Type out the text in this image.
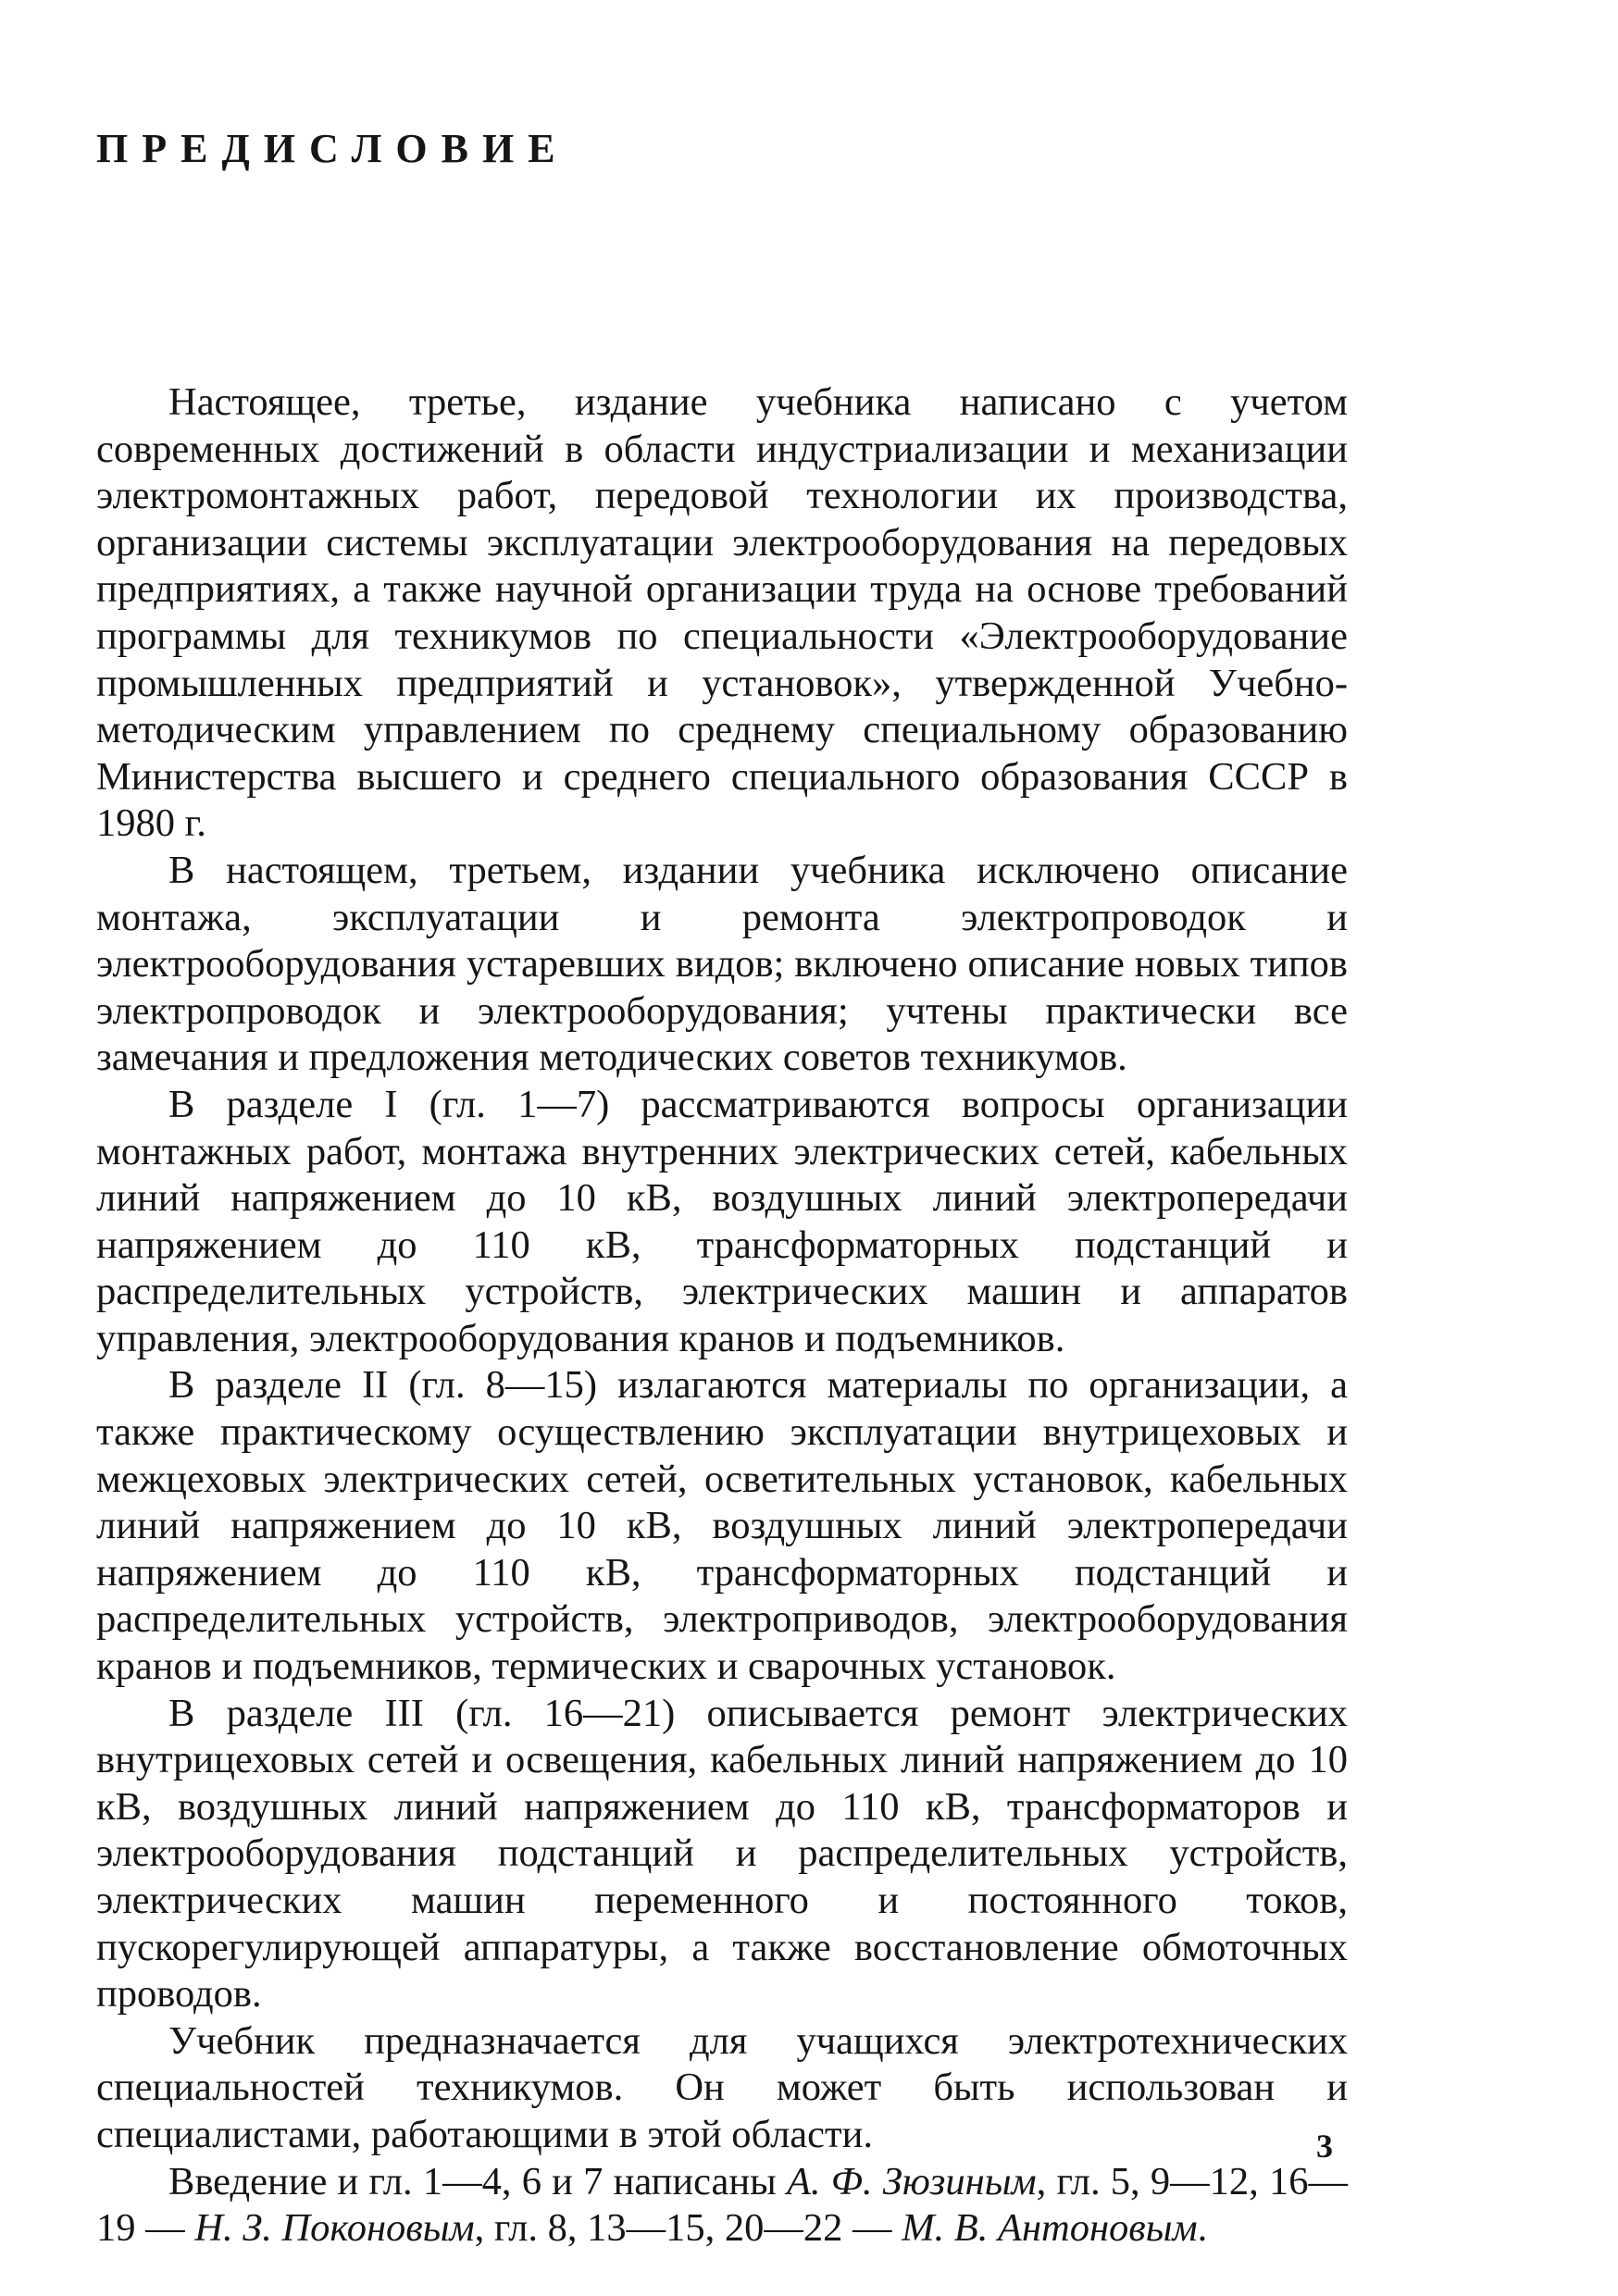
ПРЕДИСЛОВИЕ

Настоящее, третье, издание учебника написано с учетом современных достижений в области индустриализации и механизации электромонтажных работ, передовой технологии их производства, организации системы эксплуатации электрооборудования на передовых предприятиях, а также научной организации труда на основе требований программы для техникумов по специальности «Электрооборудование промышленных предприятий и установок», утвержденной Учебно-методическим управлением по среднему специальному образованию Министерства высшего и среднего специального образования СССР в 1980 г.

В настоящем, третьем, издании учебника исключено описание монтажа, эксплуатации и ремонта электропроводок и электрооборудования устаревших видов; включено описание новых типов электропроводок и электрооборудования; учтены практически все замечания и предложения методических советов техникумов.

В разделе I (гл. 1—7) рассматриваются вопросы организации монтажных работ, монтажа внутренних электрических сетей, кабельных линий напряжением до 10 кВ, воздушных линий электропередачи напряжением до 110 кВ, трансформаторных подстанций и распределительных устройств, электрических машин и аппаратов управления, электрооборудования кранов и подъемников.

В разделе II (гл. 8—15) излагаются материалы по организации, а также практическому осуществлению эксплуатации внутрицеховых и межцеховых электрических сетей, осветительных установок, кабельных линий напряжением до 10 кВ, воздушных линий электропередачи напряжением до 110 кВ, трансформаторных подстанций и распределительных устройств, электроприводов, электрооборудования кранов и подъемников, термических и сварочных установок.

В разделе III (гл. 16—21) описывается ремонт электрических внутрицеховых сетей и освещения, кабельных линий напряжением до 10 кВ, воздушных линий напряжением до 110 кВ, трансформаторов и электрооборудования подстанций и распределительных устройств, электрических машин переменного и постоянного токов, пускорегулирующей аппаратуры, а также восстановление обмоточных проводов.

Учебник предназначается для учащихся электротехнических специальностей техникумов. Он может быть использован и специалистами, работающими в этой области.

Введение и гл. 1—4, 6 и 7 написаны А. Ф. Зюзиным, гл. 5, 9—12, 16—19 — Н. З. Поконовым, гл. 8, 13—15, 20—22 — М. В. Антоновым.

3
